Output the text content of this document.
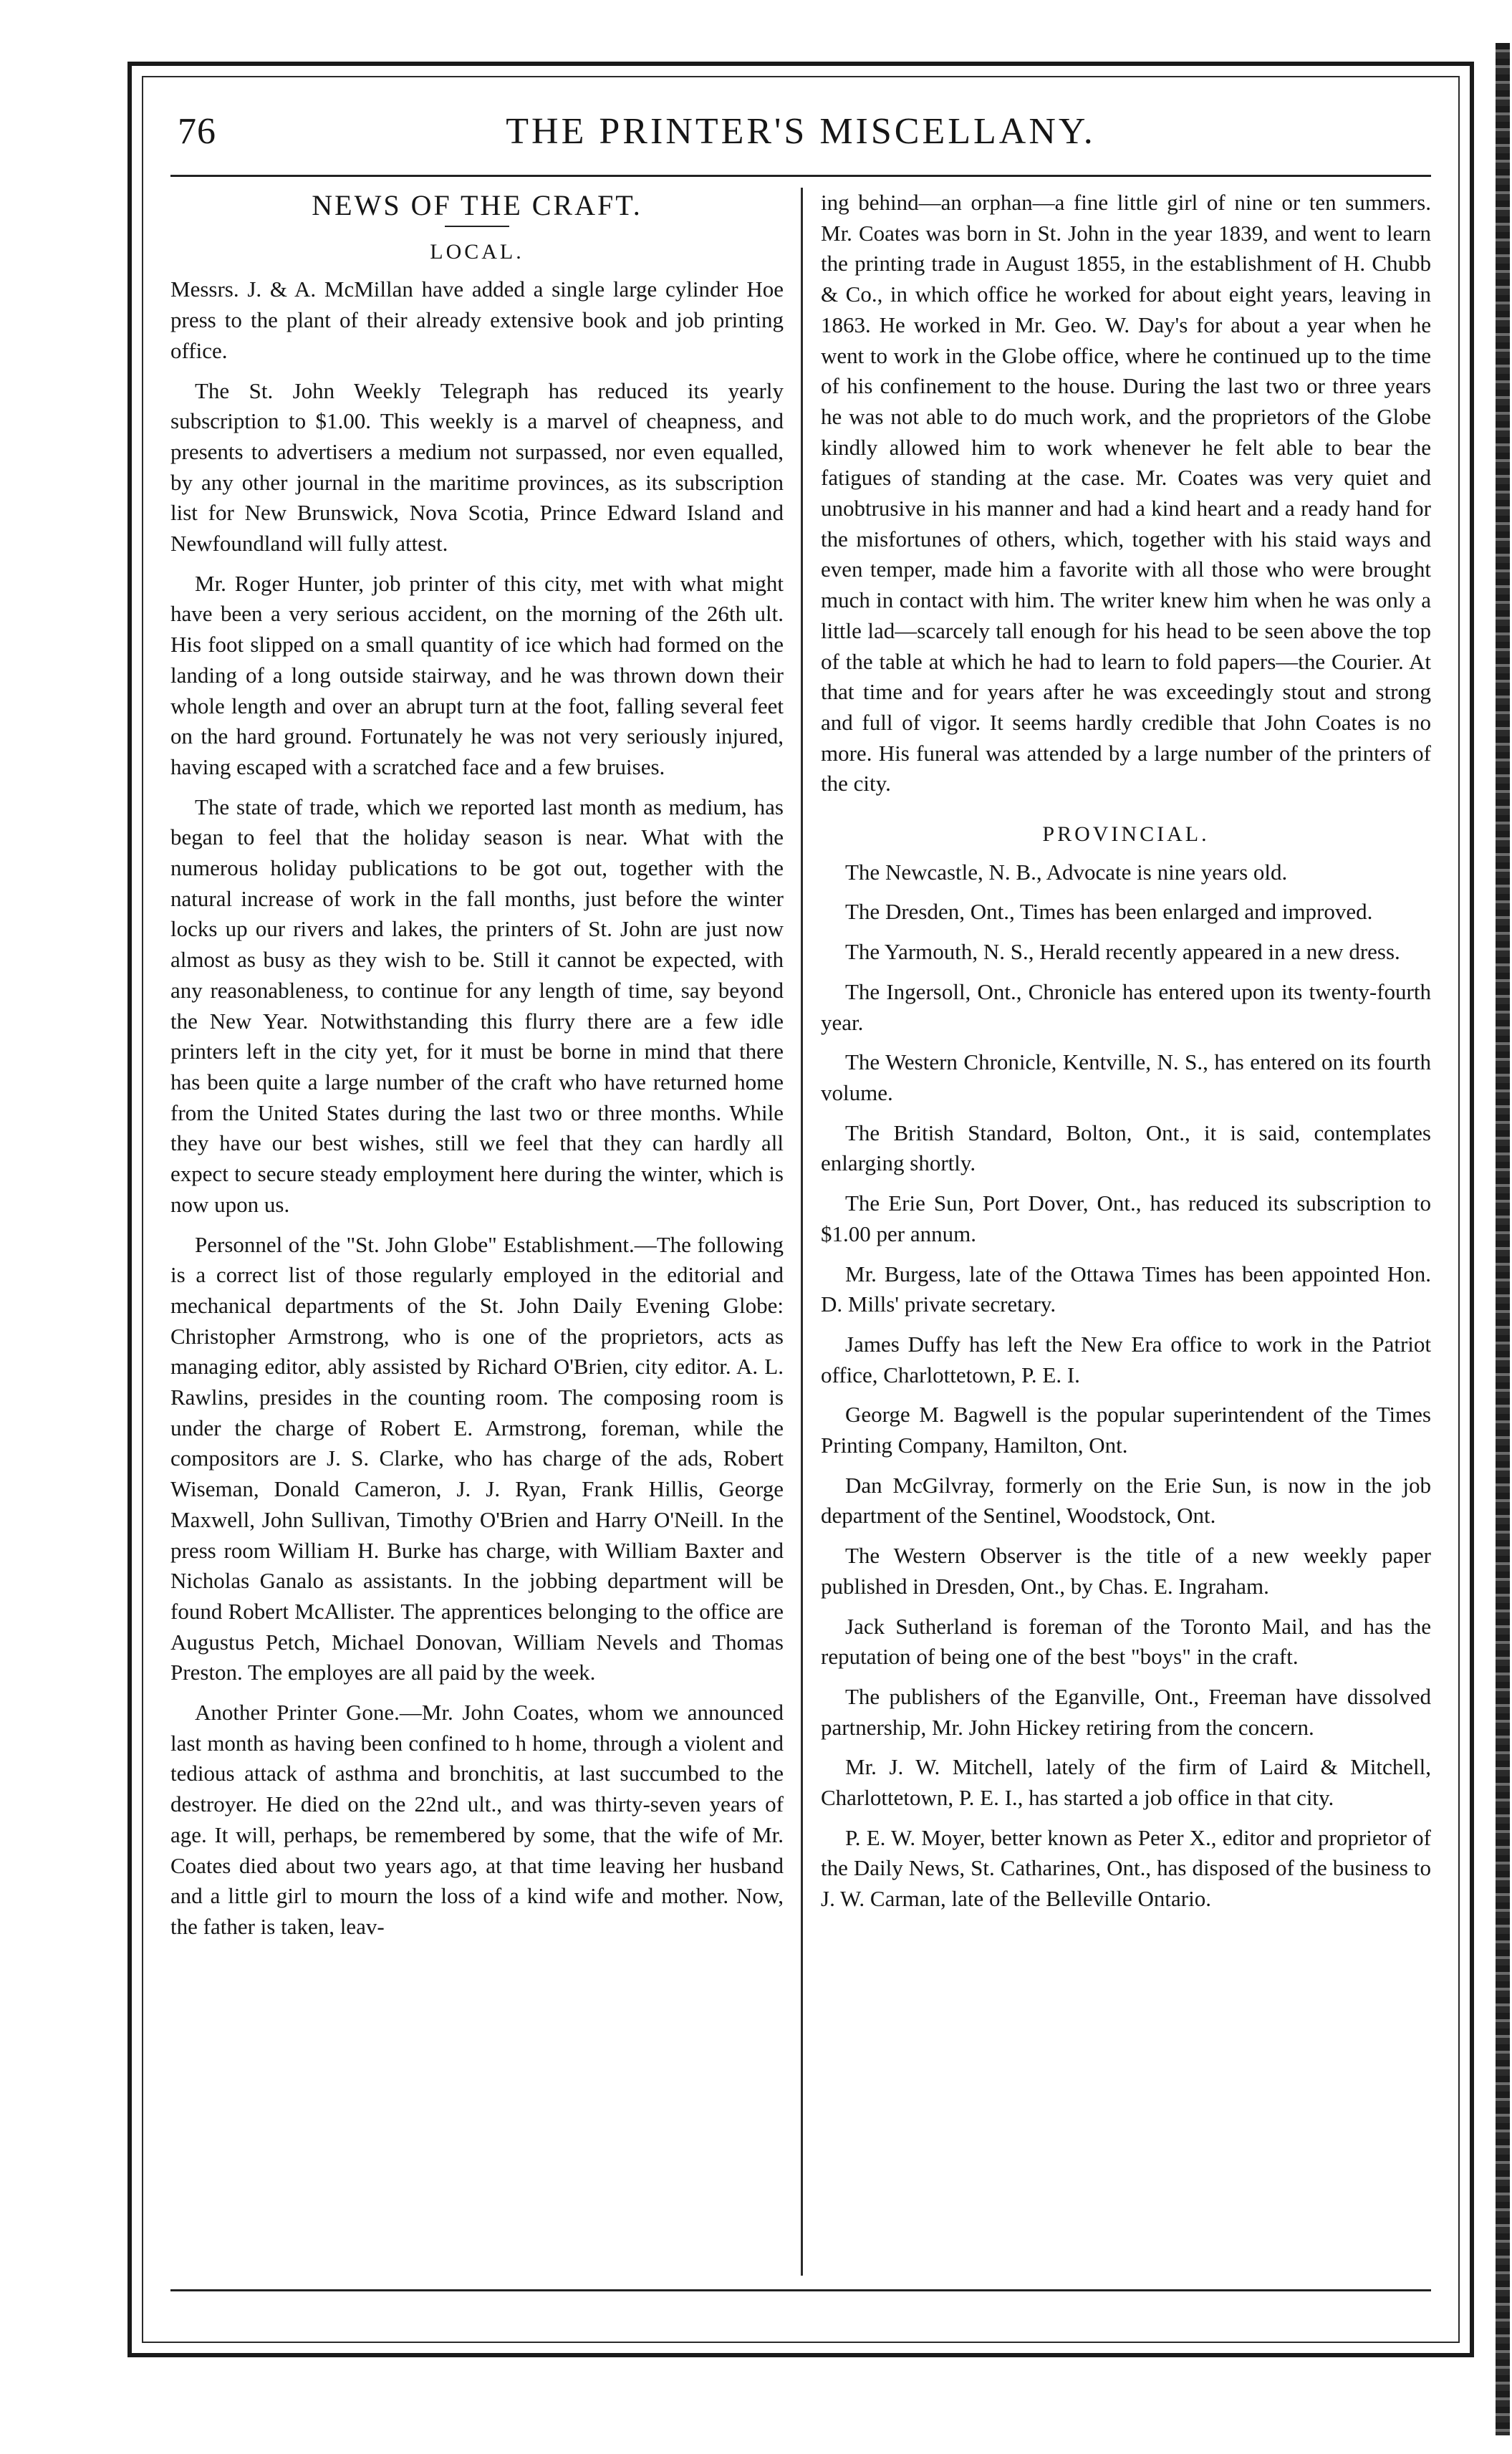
76	THE PRINTER'S MISCELLANY.
NEWS OF THE CRAFT.
LOCAL.

Messrs. J. & A. McMillan have added a single large cylinder Hoe press to the plant of their already extensive book and job printing office.

The St. John Weekly Telegraph has reduced its yearly subscription to $1.00. This weekly is a marvel of cheapness, and presents to advertisers a medium not surpassed, nor even equalled, by any other journal in the maritime provinces, as its subscription list for New Brunswick, Nova Scotia, Prince Edward Island and Newfoundland will fully attest.

Mr. Roger Hunter, job printer of this city, met with what might have been a very serious accident, on the morning of the 26th ult. His foot slipped on a small quantity of ice which had formed on the landing of a long outside stairway, and he was thrown down their whole length and over an abrupt turn at the foot, falling several feet on the hard ground. Fortunately he was not very seriously injured, having escaped with a scratched face and a few bruises.

The state of trade, which we reported last month as medium, has began to feel that the holiday season is near. What with the numerous holiday publications to be got out, together with the natural increase of work in the fall months, just before the winter locks up our rivers and lakes, the printers of St. John are just now almost as busy as they wish to be. Still it cannot be expected, with any reasonableness, to continue for any length of time, say beyond the New Year. Notwithstanding this flurry there are a few idle printers left in the city yet, for it must be borne in mind that there has been quite a large number of the craft who have returned home from the United States during the last two or three months. While they have our best wishes, still we feel that they can hardly all expect to secure steady employment here during the winter, which is now upon us.

Personnel of the "St. John Globe" Establishment.—The following is a correct list of those regularly employed in the editorial and mechanical departments of the St. John Daily Evening Globe: Christopher Armstrong, who is one of the proprietors, acts as managing editor, ably assisted by Richard O'Brien, city editor. A. L. Rawlins, presides in the counting room. The composing room is under the charge of Robert E. Armstrong, foreman, while the compositors are J. S. Clarke, who has charge of the ads, Robert Wiseman, Donald Cameron, J. J. Ryan, Frank Hillis, George Maxwell, John Sullivan, Timothy O'Brien and Harry O'Neill. In the press room William H. Burke has charge, with William Baxter and Nicholas Ganalo as assistants. In the jobbing department will be found Robert McAllister. The apprentices belonging to the office are Augustus Petch, Michael Donovan, William Nevels and Thomas Preston. The employes are all paid by the week.

Another Printer Gone.—Mr. John Coates, whom we announced last month as having been confined to h home, through a violent and tedious attack of asthma and bronchitis, at last succumbed to the destroyer. He died on the 22nd ult., and was thirty-seven years of age. It will, perhaps, be remembered by some, that the wife of Mr. Coates died about two years ago, at that time leaving her husband and a little girl to mourn the loss of a kind wife and mother. Now, the father is taken, leav-

ing behind—an orphan—a fine little girl of nine or ten summers. Mr. Coates was born in St. John in the year 1839, and went to learn the printing trade in August 1855, in the establishment of H. Chubb & Co., in which office he worked for about eight years, leaving in 1863. He worked in Mr. Geo. W. Day's for about a year when he went to work in the Globe office, where he continued up to the time of his confinement to the house. During the last two or three years he was not able to do much work, and the proprietors of the Globe kindly allowed him to work whenever he felt able to bear the fatigues of standing at the case. Mr. Coates was very quiet and unobtrusive in his manner and had a kind heart and a ready hand for the misfortunes of others, which, together with his staid ways and even temper, made him a favorite with all those who were brought much in contact with him. The writer knew him when he was only a little lad—scarcely tall enough for his head to be seen above the top of the table at which he had to learn to fold papers—the Courier. At that time and for years after he was exceedingly stout and strong and full of vigor. It seems hardly credible that John Coates is no more. His funeral was attended by a large number of the printers of the city.

PROVINCIAL.

The Newcastle, N. B., Advocate is nine years old.

The Dresden, Ont., Times has been enlarged and improved.

The Yarmouth, N. S., Herald recently appeared in a new dress.

The Ingersoll, Ont., Chronicle has entered upon its twenty-fourth year.

The Western Chronicle, Kentville, N. S., has entered on its fourth volume.

The British Standard, Bolton, Ont., it is said, contemplates enlarging shortly.

The Erie Sun, Port Dover, Ont., has reduced its subscription to $1.00 per annum.

Mr. Burgess, late of the Ottawa Times has been appointed Hon. D. Mills' private secretary.

James Duffy has left the New Era office to work in the Patriot office, Charlottetown, P. E. I.

George M. Bagwell is the popular superintendent of the Times Printing Company, Hamilton, Ont.

Dan McGilvray, formerly on the Erie Sun, is now in the job department of the Sentinel, Woodstock, Ont.

The Western Observer is the title of a new weekly paper published in Dresden, Ont., by Chas. E. Ingraham.

Jack Sutherland is foreman of the Toronto Mail, and has the reputation of being one of the best "boys" in the craft.

The publishers of the Eganville, Ont., Freeman have dissolved partnership, Mr. John Hickey retiring from the concern.

Mr. J. W. Mitchell, lately of the firm of Laird & Mitchell, Charlottetown, P. E. I., has started a job office in that city.

P. E. W. Moyer, better known as Peter X., editor and proprietor of the Daily News, St. Catharines, Ont., has disposed of the business to J. W. Carman, late of the Belleville Ontario.
